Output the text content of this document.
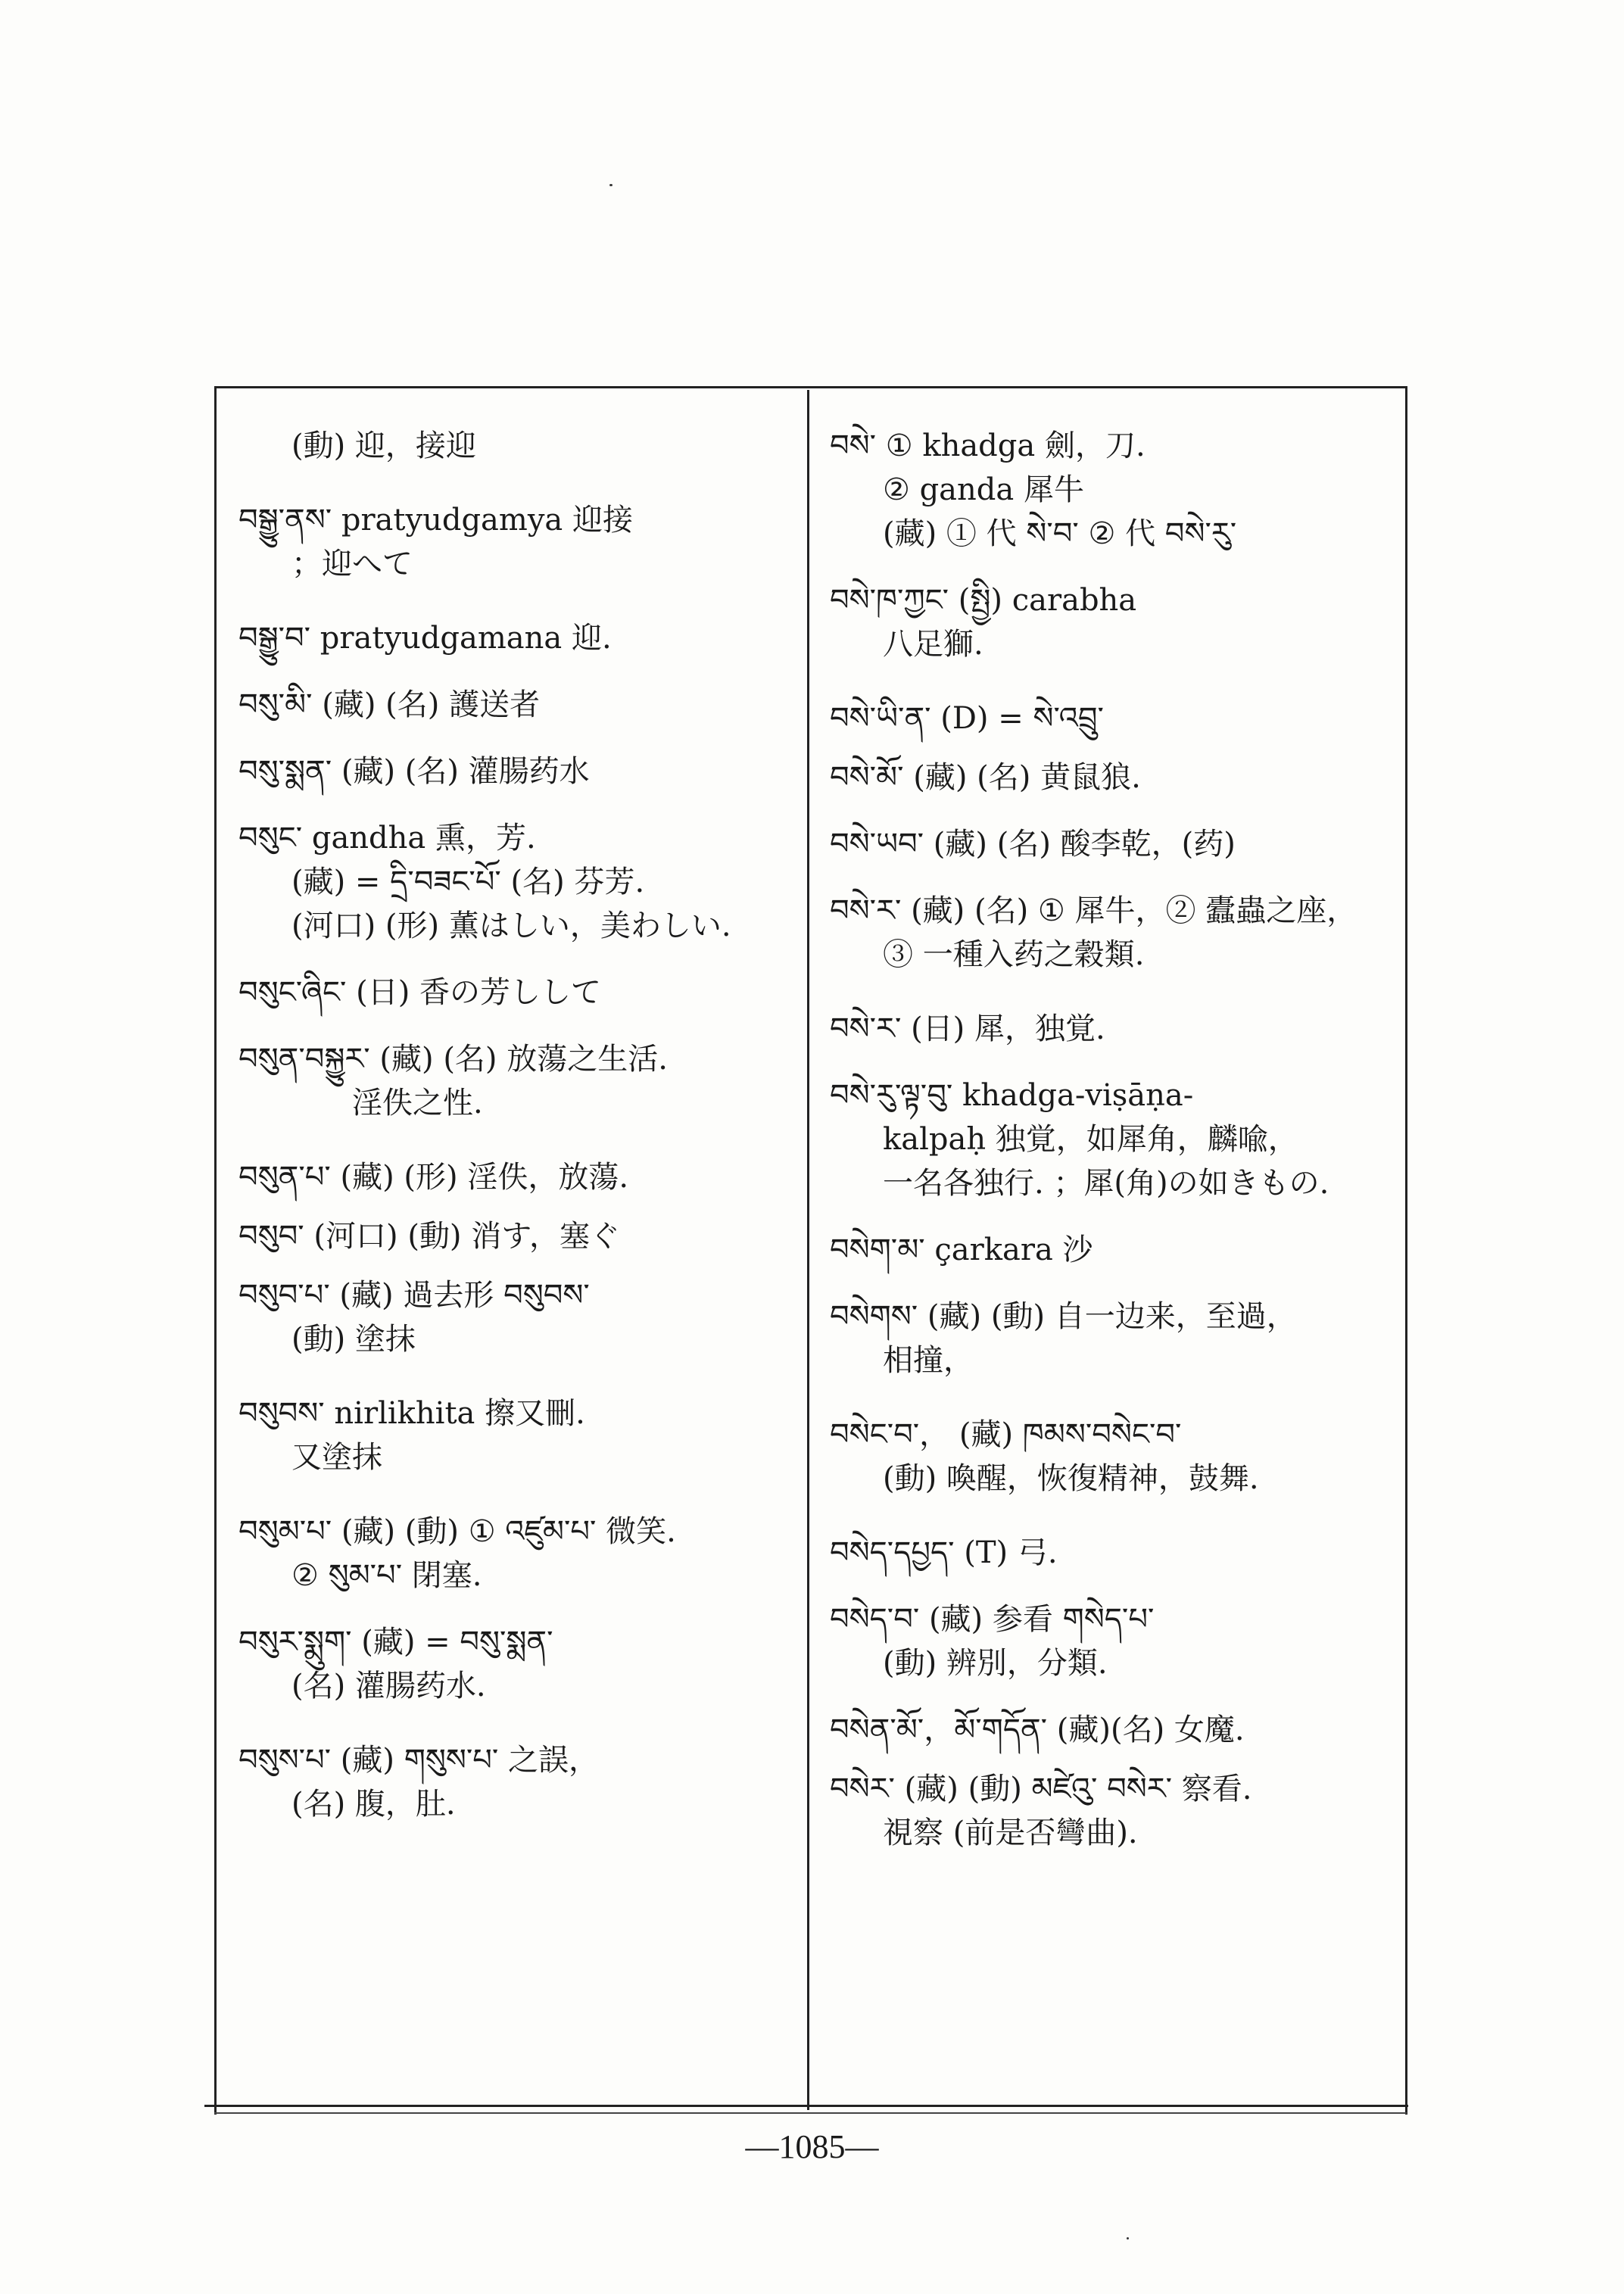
(動) 迎，接迎
བསྒྱུ་ནས་ pratyudgamya 迎接
；迎へて
བསྒྱུ་བ་ pratyudgamana 迎.
བསུ་མི་ (藏) (名) 護送者
བསུ་སྨན་ (藏) (名) 灌腸药水
བསུང་ gandha 熏，芳.
(藏) = དྲི་བཟང་པོ་ (名) 芬芳.
(河口) (形) 薫はしい，美わしい.
བསུང་ཞིང་ (日) 香の芳しして
བསུན་བསྐྱུར་ (藏) (名) 放蕩之生活.
淫佚之性.
བསུན་པ་ (藏) (形) 淫佚，放蕩.
བསུབ་ (河口) (動) 消す，塞ぐ
བསུབ་པ་ (藏) 過去形 བསུབས་
(動) 塗抹
བསུབས་ nirlikhita 擦又刪.
又塗抹
བསུམ་པ་ (藏) (動) ① འཛུམ་པ་ 微笑.
② སུམ་པ་ 閉塞.
བསུར་སྨུག་ (藏) = བསུ་སྨན་
(名) 灌腸药水.
བསུས་པ་ (藏) གསུས་པ་ 之誤，
(名) 腹，肚.
བསེ་ ① khadga 劍，刀.
② ganda 犀牛
(藏) ① 代 སེ་བ་ ② 代 བསེ་རུ་
བསེ་ཁ་ཀྱང་ (སྤྱི) carabha
八足獅.
བསེ་ཡི་ན་ (D) = སེ་འབྲུ་
བསེ་མོ་ (藏) (名) 黄鼠狼.
བསེ་ཡབ་ (藏) (名) 酸李乾，(药)
བསེ་ར་ (藏) (名) ① 犀牛，② 蠹蟲之座，
③ 一種入药之穀類.
བསེ་ར་ (日) 犀，独覚.
བསེ་རུ་ལྟ་བུ་ khadga-viṣāṇa-
kalpaḥ 独覚，如犀角，麟喩，
一名各独行. ；犀(角)の如きもの.
བསེག་མ་ çarkara 沙
བསེགས་ (藏) (動) 自一边来，至過，
相撞，
བསེང་བ་， (藏) ཁམས་བསེང་བ་
(動) 喚醒，恢復精神，鼓舞.
བསེད་དཔྱད་ (T) 弓.
བསེད་བ་ (藏) 参看 གསེད་པ་
(動) 辨別，分類.
བསེན་མོ་，མོ་གདོན་ (藏)(名) 女魔.
བསེར་ (藏) (動) མཛེའུ་ བསེར་ 察看.
視察 (前是否彎曲).
—1085—
